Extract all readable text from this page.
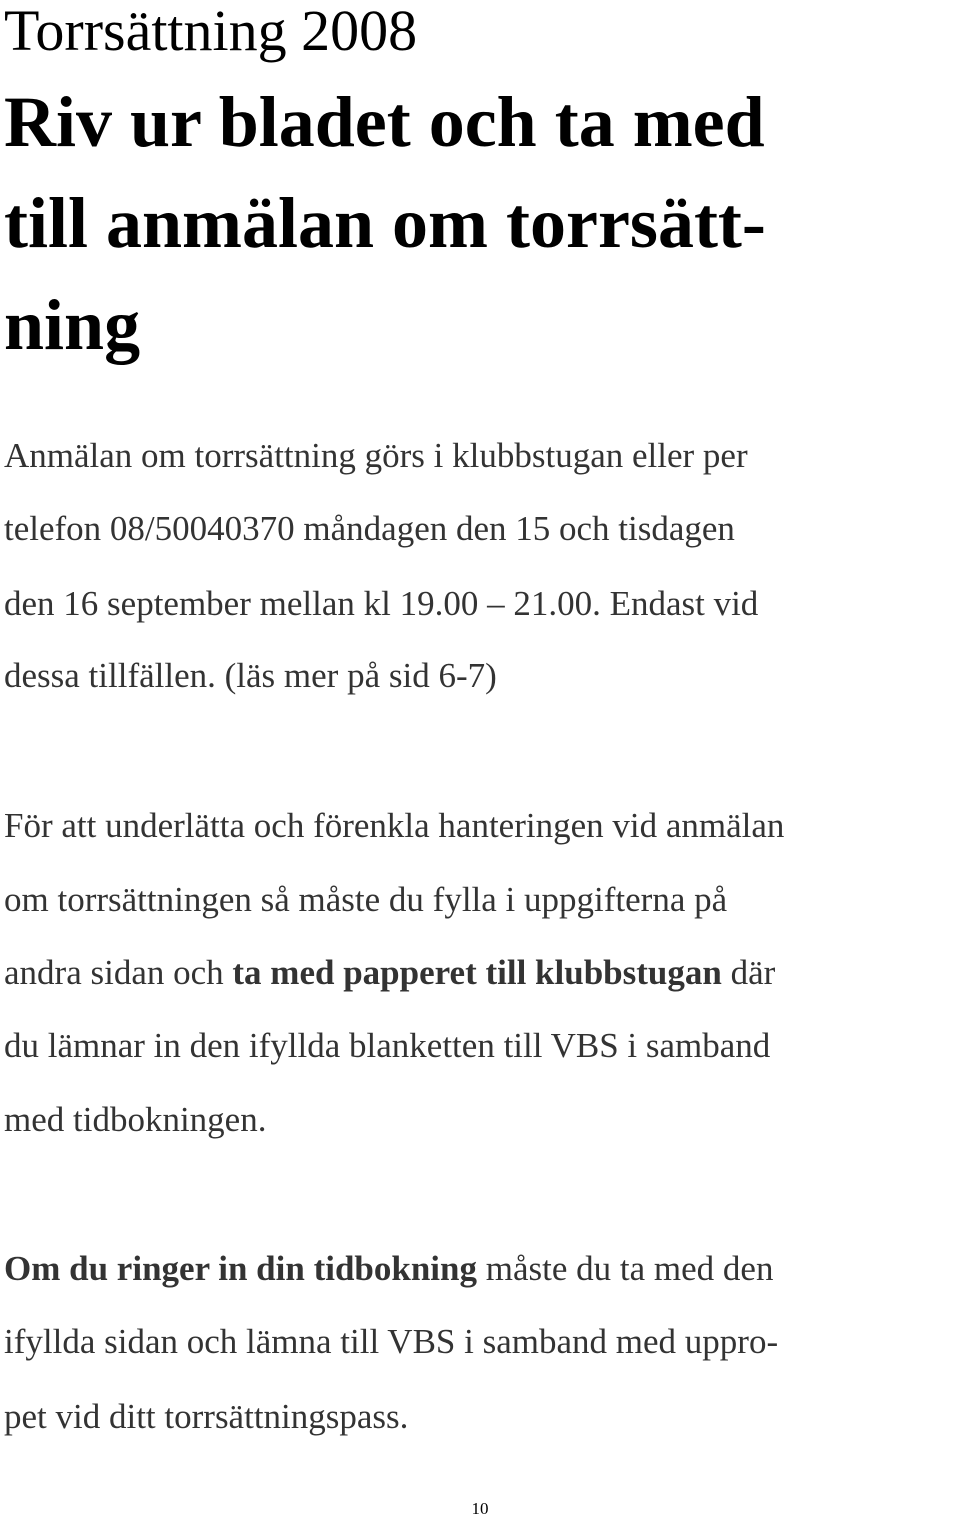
Torrsättning 2008
Riv ur bladet och ta med
till anmälan om torrsätt-
ning

Anmälan om torrsättning görs i klubbstugan eller per

telefon 08/50040370 måndagen den 15 och tisdagen

den 16 september mellan kl 19.00 – 21.00. Endast vid

dessa tillfällen. (läs mer på sid 6-7)

För att underlätta och förenkla hanteringen vid anmälan

om torrsättningen så måste du fylla i uppgifterna på

andra sidan och ta med papperet till klubbstugan där

du lämnar in den ifyllda blanketten till VBS i samband

med tidbokningen.

Om du ringer in din tidbokning måste du ta med den

ifyllda sidan och lämna till VBS i samband med uppro-

pet vid ditt torrsättningspass.

10
